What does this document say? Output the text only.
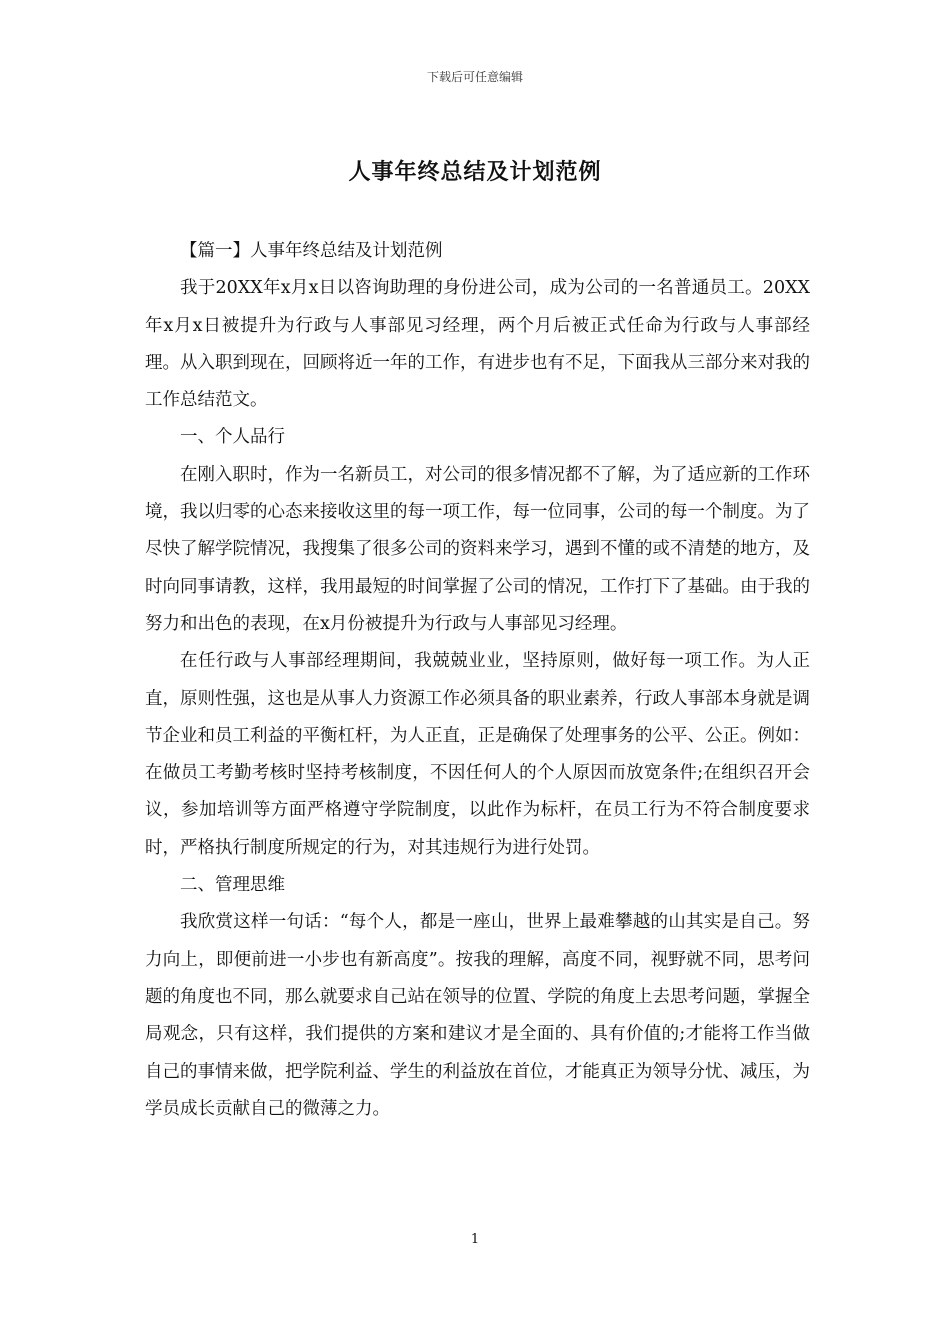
下载后可任意编辑
人事年终总结及计划范例

【篇一】人事年终总结及计划范例

我于20XX年x月x日以咨询助理的身份进公司，成为公司的一名普通员工。20XX年x月x日被提升为行政与人事部见习经理，两个月后被正式任命为行政与人事部经理。从入职到现在，回顾将近一年的工作，有进步也有不足，下面我从三部分来对我的工作总结范文。

一、个人品行

在刚入职时，作为一名新员工，对公司的很多情况都不了解，为了适应新的工作环境，我以归零的心态来接收这里的每一项工作，每一位同事，公司的每一个制度。为了尽快了解学院情况，我搜集了很多公司的资料来学习，遇到不懂的或不清楚的地方，及时向同事请教，这样，我用最短的时间掌握了公司的情况，工作打下了基础。由于我的努力和出色的表现，在x月份被提升为行政与人事部见习经理。

在任行政与人事部经理期间，我兢兢业业，坚持原则，做好每一项工作。为人正直，原则性强，这也是从事人力资源工作必须具备的职业素养，行政人事部本身就是调节企业和员工利益的平衡杠杆，为人正直，正是确保了处理事务的公平、公正。例如：在做员工考勤考核时坚持考核制度，不因任何人的个人原因而放宽条件;在组织召开会议，参加培训等方面严格遵守学院制度，以此作为标杆，在员工行为不符合制度要求时，严格执行制度所规定的行为，对其违规行为进行处罚。

二、管理思维

我欣赏这样一句话：“每个人，都是一座山，世界上最难攀越的山其实是自己。努力向上，即便前进一小步也有新高度”。按我的理解，高度不同，视野就不同，思考问题的角度也不同，那么就要求自己站在领导的位置、学院的角度上去思考问题，掌握全局观念，只有这样，我们提供的方案和建议才是全面的、具有价值的;才能将工作当做自己的事情来做，把学院利益、学生的利益放在首位，才能真正为领导分忧、减压，为学员成长贡献自己的微薄之力。

1
